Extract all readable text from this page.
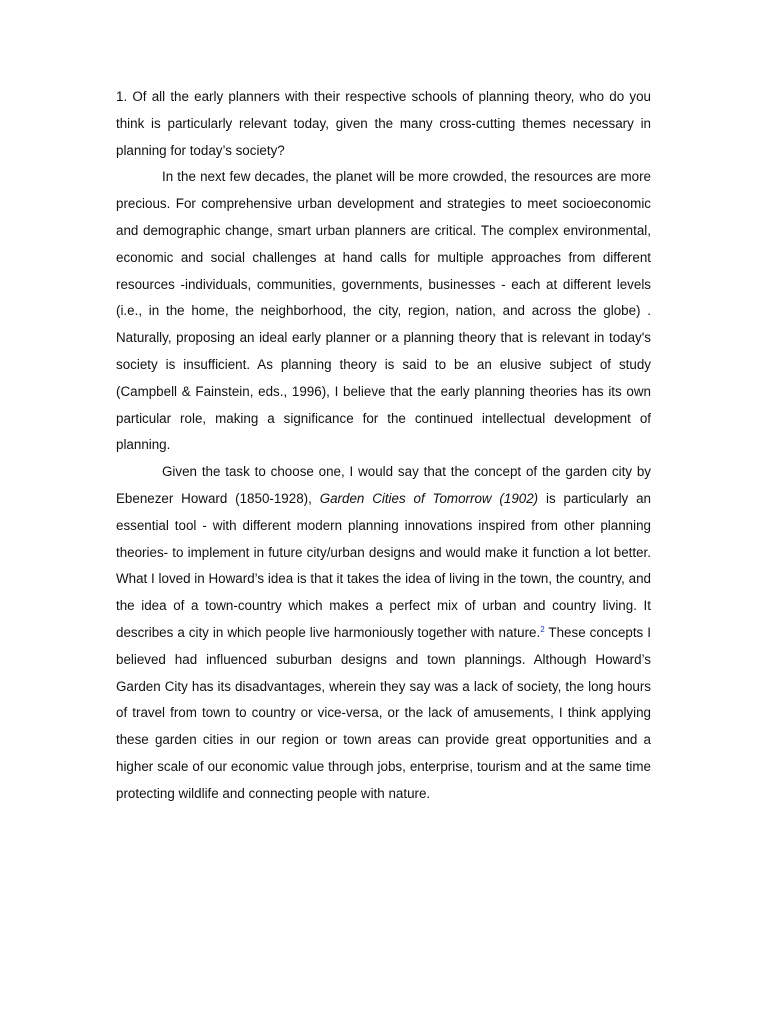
1. Of all the early planners with their respective schools of planning theory, who do you think is particularly relevant today, given the many cross-cutting themes necessary in planning for today’s society?

In the next few decades, the planet will be more crowded, the resources are more precious. For comprehensive urban development and strategies to meet socioeconomic and demographic change, smart urban planners are critical. The complex environmental, economic and social challenges at hand calls for multiple approaches from different resources -individuals, communities, governments, businesses - each at different levels (i.e., in the home, the neighborhood, the city, region, nation, and across the globe) . Naturally, proposing an ideal early planner or a planning theory that is relevant in today's society is insufficient. As planning theory is said to be an elusive subject of study (Campbell & Fainstein, eds., 1996), I believe that the early planning theories has its own particular role, making a significance for the continued intellectual development of planning.

Given the task to choose one, I would say that the concept of the garden city by Ebenezer Howard (1850-1928), Garden Cities of Tomorrow (1902) is particularly an essential tool - with different modern planning innovations inspired from other planning theories- to implement in future city/urban designs and would make it function a lot better. What I loved in Howard’s idea is that it takes the idea of living in the town, the country, and the idea of a town-country which makes a perfect mix of urban and country living. It describes a city in which people live harmoniously together with nature.$^2$ These concepts I believed had influenced suburban designs and town plannings. Although Howard’s Garden City has its disadvantages, wherein they say was a lack of society, the long hours of travel from town to country or vice-versa, or the lack of amusements, I think applying these garden cities in our region or town areas can provide great opportunities and a higher scale of our economic value through jobs, enterprise, tourism and at the same time protecting wildlife and connecting people with nature.
